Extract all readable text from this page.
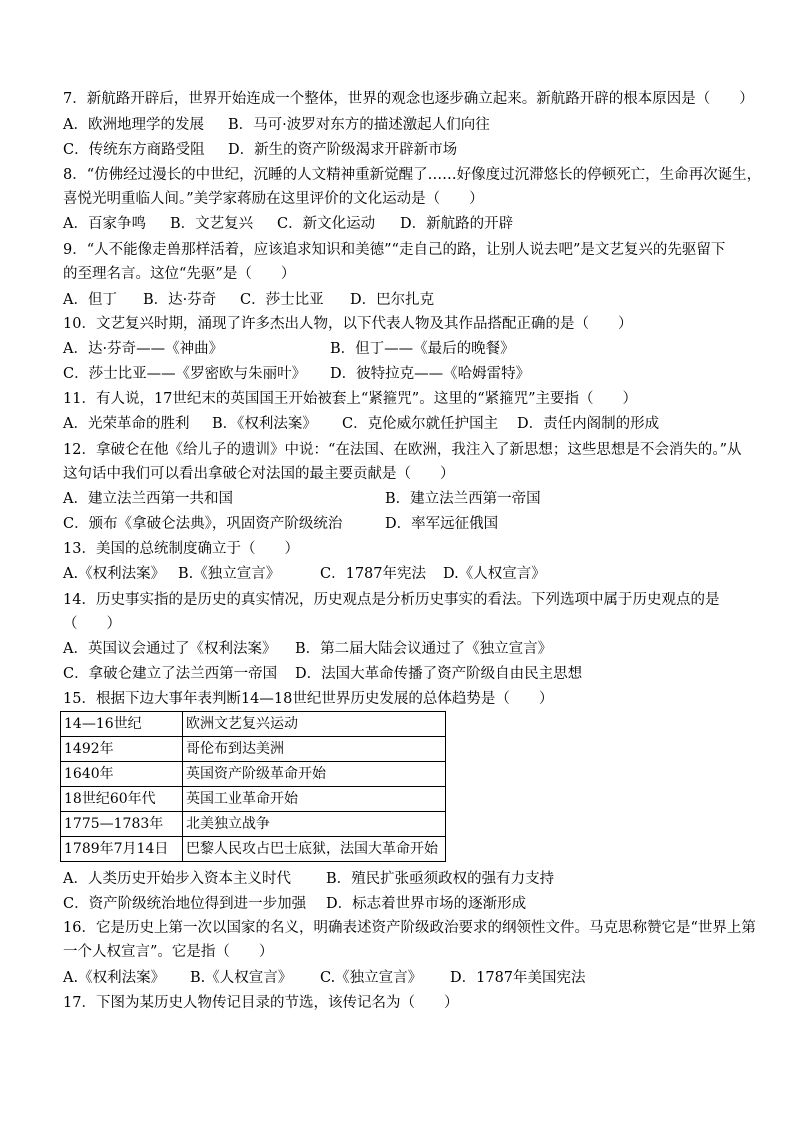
7．新航路开辟后，世界开始连成一个整体，世界的观念也逐步确立起来。新航路开辟的根本原因是（　　）
A．欧洲地理学的发展 B．马可·波罗对东方的描述激起人们向往
C．传统东方商路受阻 D．新生的资产阶级渴求开辟新市场
8．“仿佛经过漫长的中世纪，沉睡的人文精神重新觉醒了……好像度过沉滞悠长的停顿死亡，生命再次诞生，
喜悦光明重临人间。”美学家蒋励在这里评价的文化运动是（　　）
A．百家争鸣 B．文艺复兴 C．新文化运动 D．新航路的开辟
9．“人不能像走兽那样活着，应该追求知识和美德”“走自己的路，让别人说去吧”是文艺复兴的先驱留下
的至理名言。这位“先驱”是（　　）
A．但丁 B．达·芬奇 C．莎士比亚 D．巴尔扎克
10．文艺复兴时期，涌现了许多杰出人物，以下代表人物及其作品搭配正确的是（　　）
A．达·芬奇——《神曲》	B．但丁——《最后的晚餐》
C．莎士比亚——《罗密欧与朱丽叶》 D．彼特拉克——《哈姆雷特》
11．有人说，17世纪末的英国国王开始被套上“紧箍咒”。这里的“紧箍咒”主要指（　　）
A．光荣革命的胜利 B．《权利法案》 C．克伦威尔就任护国主 D．责任内阁制的形成
12．拿破仑在他《给儿子的遗训》中说：“在法国、在欧洲，我注入了新思想；这些思想是不会消失的。”从
这句话中我们可以看出拿破仑对法国的最主要贡献是（　　）
A．建立法兰西第一共和国	B．建立法兰西第一帝国
C．颁布《拿破仑法典》，巩固资产阶级统治	D．率军远征俄国
13．美国的总统制度确立于（　　）
A.《权利法案》 B.《独立宣言》	C．1787年宪法 D.《人权宣言》
14．历史事实指的是历史的真实情况，历史观点是分析历史事实的看法。下列选项中属于历史观点的是
（　　）
A．英国议会通过了《权利法案》 B．第二届大陆会议通过了《独立宣言》
C．拿破仑建立了法兰西第一帝国 D．法国大革命传播了资产阶级自由民主思想
15．根据下边大事年表判断14—18世纪世界历史发展的总体趋势是（　　）
14—16世纪	欧洲文艺复兴运动
1492年	哥伦布到达美洲
1640年	英国资产阶级革命开始
18世纪60年代	英国工业革命开始
1775—1783年	北美独立战争
1789年7月14日	巴黎人民攻占巴士底狱，法国大革命开始
A．人类历史开始步入资本主义时代 B．殖民扩张亟须政权的强有力支持
C．资产阶级统治地位得到进一步加强 D．标志着世界市场的逐渐形成
16．它是历史上第一次以国家的名义，明确表述资产阶级政治要求的纲领性文件。马克思称赞它是“世界上第
一个人权宣言”。它是指（　　）
A.《权利法案》 B.《人权宣言》 C.《独立宣言》 D．1787年美国宪法
17．下图为某历史人物传记目录的节选，该传记名为（　　）
